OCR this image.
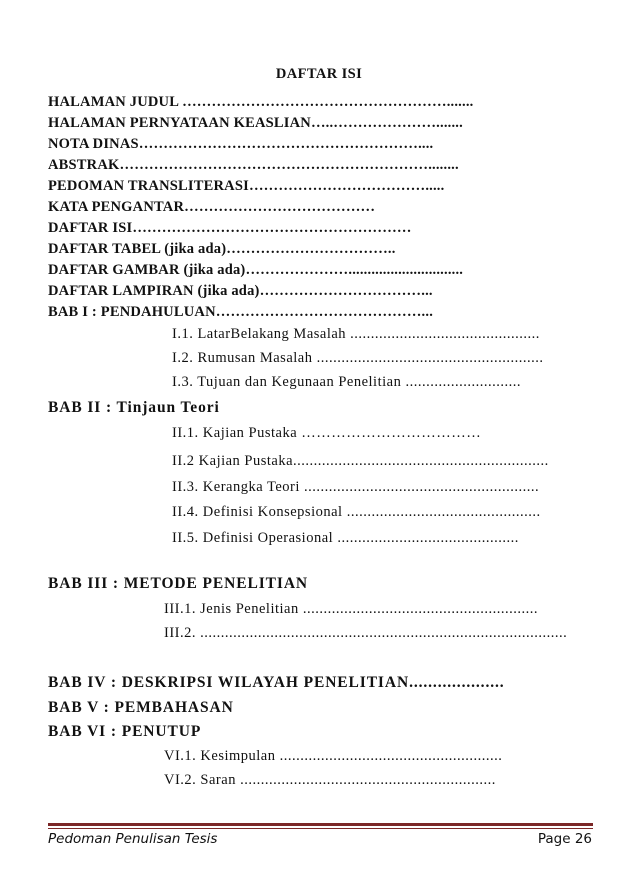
DAFTAR ISI
HALAMAN JUDUL ……………………………………………….......
HALAMAN PERNYATAAN KEASLIAN…..………………….......
NOTA DINAS…………………………………………………....
ABSTRAK………………………………………………………........
PEDOMAN TRANSLITERASI……………………………….....
KATA PENGANTAR…………………………………
DAFTAR ISI…………………………………………………
DAFTAR TABEL (jika ada)……………………………..
DAFTAR GAMBAR (jika ada)…………………..............................
DAFTAR LAMPIRAN (jika ada)……………………………...
BAB I : PENDAHULUAN……………………………………...
I.1. LatarBelakang Masalah ..............................................
I.2. Rumusan Masalah .......................................................
I.3. Tujuan dan Kegunaan Penelitian ............................
BAB II : Tinjaun Teori
II.1. Kajian Pustaka ………………………………
II.2 Kajian Pustaka..............................................................
II.3. Kerangka Teori .........................................................
II.4. Definisi Konsepsional ...............................................
II.5. Definisi Operasional ............................................
BAB III : METODE PENELITIAN
III.1. Jenis Penelitian .........................................................
III.2. .........................................................................................
BAB IV : DESKRIPSI WILAYAH PENELITIAN....................
BAB V : PEMBAHASAN
BAB VI : PENUTUP
VI.1. Kesimpulan ......................................................
VI.2. Saran ..............................................................
Pedoman Penulisan Tesis	Page 26
